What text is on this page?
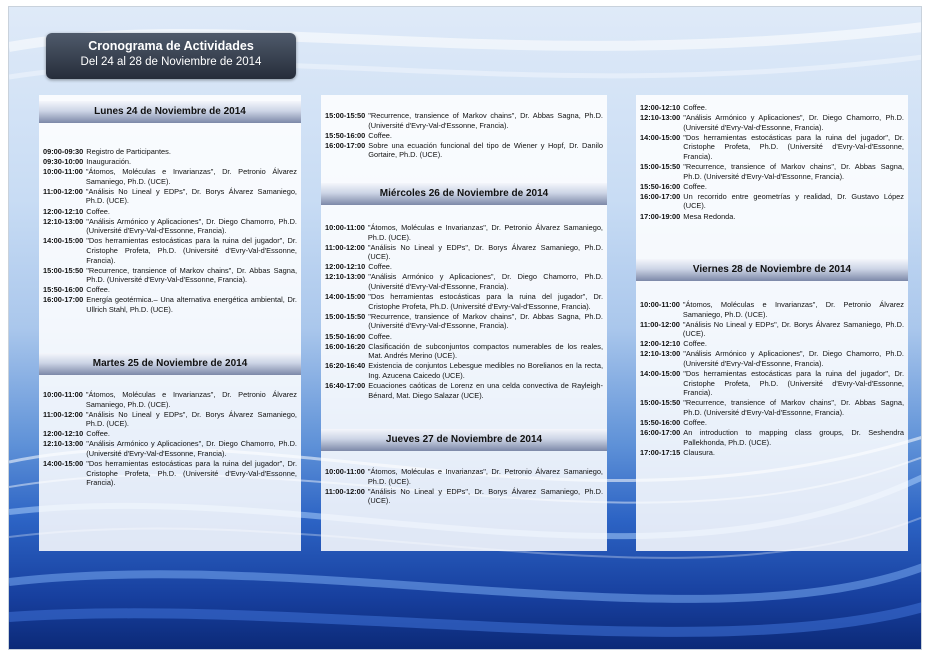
Cronograma de Actividades
Del 24 al 28 de Noviembre de 2014
Lunes 24 de Noviembre de 2014
09:00-09:30 Registro de Participantes.
09:30-10:00 Inauguración.
10:00-11:00 "Átomos, Moléculas e Invarianzas", Dr. Petronio Álvarez Samaniego, Ph.D. (UCE).
11:00-12:00 "Análisis No Lineal y EDPs", Dr. Borys Álvarez Samaniego, Ph.D. (UCE).
12:00-12:10 Coffee.
12:10-13:00 "Análisis Armónico y Aplicaciones", Dr. Diego Chamorro, Ph.D. (Université d'Evry-Val-d'Essonne, Francia).
14:00-15:00 "Dos herramientas estocásticas para la ruina del jugador", Dr. Cristophe Profeta, Ph.D. (Université d'Evry-Val-d'Essonne, Francia).
15:00-15:50 "Recurrence, transience of Markov chains", Dr. Abbas Sagna, Ph.D. (Université d'Evry-Val-d'Essonne, Francia).
15:50-16:00 Coffee.
16:00-17:00 Energía geotérmica.– Una alternativa energética ambiental, Dr. Ullrich Stahl, Ph.D. (UCE).
Martes 25 de Noviembre de 2014
10:00-11:00 "Átomos, Moléculas e Invarianzas", Dr. Petronio Álvarez Samaniego, Ph.D. (UCE).
11:00-12:00 "Análisis No Lineal y EDPs", Dr. Borys Álvarez Samaniego, Ph.D. (UCE).
12:00-12:10 Coffee.
12:10-13:00 "Análisis Armónico y Aplicaciones", Dr. Diego Chamorro, Ph.D. (Université d'Evry-Val-d'Essonne, Francia).
14:00-15:00 "Dos herramientas estocásticas para la ruina del jugador", Dr. Cristophe Profeta, Ph.D. (Université d'Evry-Val-d'Essonne, Francia).
15:00-15:50 "Recurrence, transience of Markov chains", Dr. Abbas Sagna, Ph.D. (Université d'Evry-Val-d'Essonne, Francia).
15:50-16:00 Coffee.
16:00-17:00 Sobre una ecuación funcional del tipo de Wiener y Hopf, Dr. Danilo Gortaire, Ph.D. (UCE).
Miércoles 26 de Noviembre de 2014
10:00-11:00 "Átomos, Moléculas e Invarianzas", Dr. Petronio Álvarez Samaniego, Ph.D. (UCE).
11:00-12:00 "Análisis No Lineal y EDPs", Dr. Borys Álvarez Samaniego, Ph.D. (UCE).
12:00-12:10 Coffee.
12:10-13:00 "Análisis Armónico y Aplicaciones", Dr. Diego Chamorro, Ph.D. (Université d'Evry-Val-d'Essonne, Francia).
14:00-15:00 "Dos herramientas estocásticas para la ruina del jugador", Dr. Cristophe Profeta, Ph.D. (Université d'Evry-Val-d'Essonne, Francia).
15:00-15:50 "Recurrence, transience of Markov chains", Dr. Abbas Sagna, Ph.D. (Université d'Evry-Val-d'Essonne, Francia).
15:50-16:00 Coffee.
16:00-16:20 Clasificación de subconjuntos compactos numerables de los reales, Mat. Andrés Merino (UCE).
16:20-16:40 Existencia de conjuntos Lebesgue medibles no Borelianos en la recta, Ing. Azucena Caicedo (UCE).
16:40-17:00 Ecuaciones caóticas de Lorenz en una celda convectiva de Rayleigh-Bénard, Mat. Diego Salazar (UCE).
Jueves 27 de Noviembre de 2014
10:00-11:00 "Átomos, Moléculas e Invarianzas", Dr. Petronio Álvarez Samaniego, Ph.D. (UCE).
11:00-12:00 "Análisis No Lineal y EDPs", Dr. Borys Álvarez Samaniego, Ph.D. (UCE).
12:00-12:10 Coffee.
12:10-13:00 "Análisis Armónico y Aplicaciones", Dr. Diego Chamorro, Ph.D. (Université d'Evry-Val-d'Essonne, Francia).
14:00-15:00 "Dos herramientas estocásticas para la ruina del jugador", Dr. Cristophe Profeta, Ph.D. (Université d'Evry-Val-d'Essonne, Francia).
15:00-15:50 "Recurrence, transience of Markov chains", Dr. Abbas Sagna, Ph.D. (Université d'Evry-Val-d'Essonne, Francia).
15:50-16:00 Coffee.
16:00-17:00 Un recorrido entre geometrías y realidad, Dr. Gustavo López (UCE).
17:00-19:00 Mesa Redonda.
Viernes 28 de Noviembre de 2014
10:00-11:00 "Átomos, Moléculas e Invarianzas", Dr. Petronio Álvarez Samaniego, Ph.D. (UCE).
11:00-12:00 "Análisis No Lineal y EDPs", Dr. Borys Álvarez Samaniego, Ph.D. (UCE).
12:00-12:10 Coffee.
12:10-13:00 "Análisis Armónico y Aplicaciones", Dr. Diego Chamorro, Ph.D. (Université d'Evry-Val-d'Essonne, Francia).
14:00-15:00 "Dos herramientas estocásticas para la ruina del jugador", Dr. Cristophe Profeta, Ph.D. (Université d'Evry-Val-d'Essonne, Francia).
15:00-15:50 "Recurrence, transience of Markov chains", Dr. Abbas Sagna, Ph.D. (Université d'Evry-Val-d'Essonne, Francia).
15:50-16:00 Coffee.
16:00-17:00 An introduction to mapping class groups, Dr. Seshendra Pallekhonda, Ph.D. (UCE).
17:00-17:15 Clausura.
